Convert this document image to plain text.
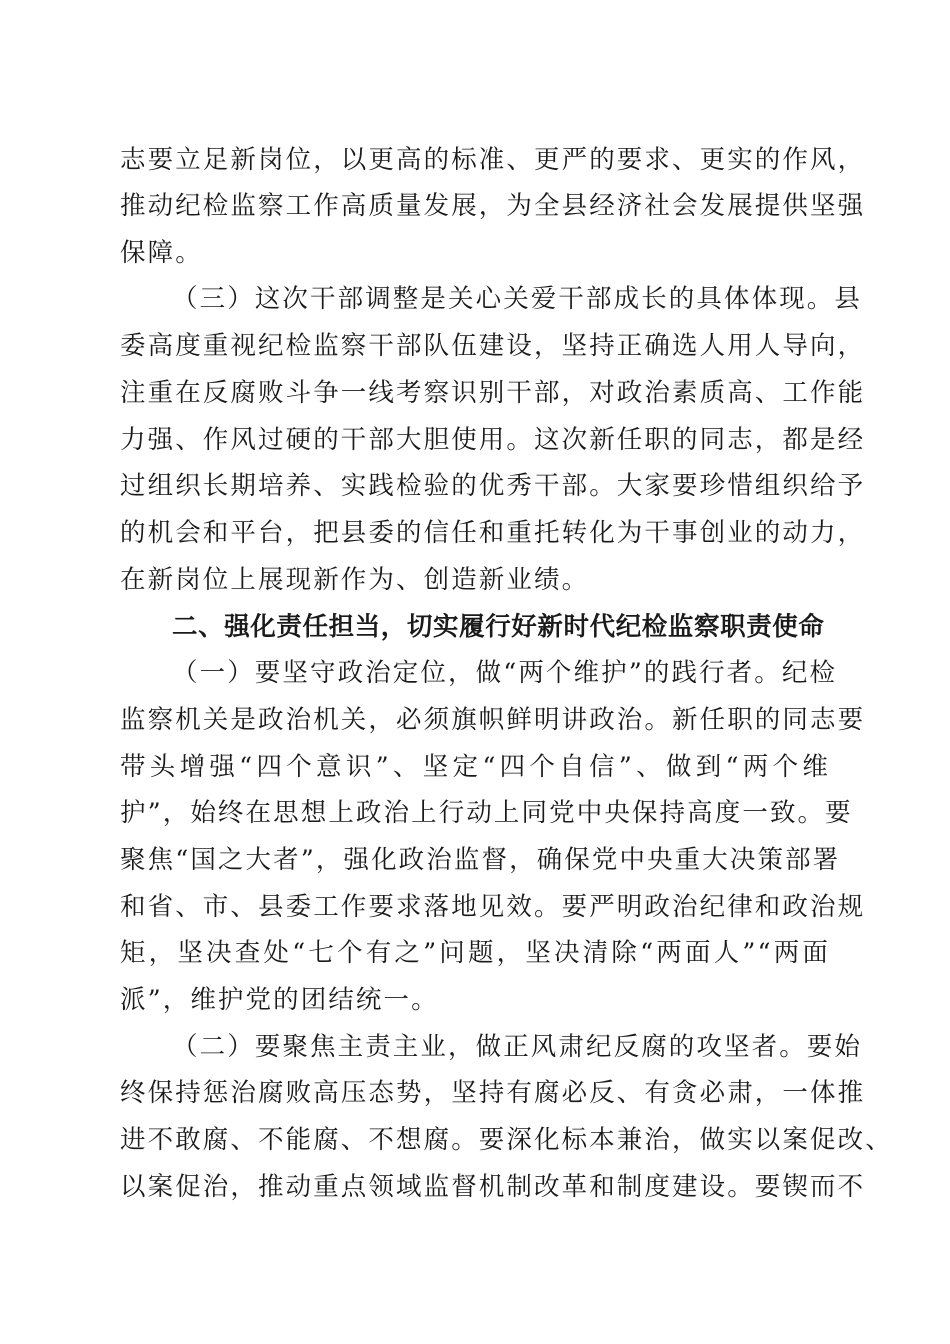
志要立足新岗位，以更高的标准、更严的要求、更实的作风，
推动纪检监察工作高质量发展，为全县经济社会发展提供坚强
保障。
（三）这次干部调整是关心关爱干部成长的具体体现。县
委高度重视纪检监察干部队伍建设，坚持正确选人用人导向，
注重在反腐败斗争一线考察识别干部，对政治素质高、工作能
力强、作风过硬的干部大胆使用。这次新任职的同志，都是经
过组织长期培养、实践检验的优秀干部。大家要珍惜组织给予
的机会和平台，把县委的信任和重托转化为干事创业的动力，
在新岗位上展现新作为、创造新业绩。
二、强化责任担当，切实履行好新时代纪检监察职责使命
（一）要坚守政治定位，做“两个维护”的践行者。纪检
监察机关是政治机关，必须旗帜鲜明讲政治。新任职的同志要
带头增强“四个意识”、坚定“四个自信”、做到“两个维
护”，始终在思想上政治上行动上同党中央保持高度一致。要
聚焦“国之大者”，强化政治监督，确保党中央重大决策部署
和省、市、县委工作要求落地见效。要严明政治纪律和政治规
矩，坚决查处“七个有之”问题，坚决清除“两面人”“两面
派”，维护党的团结统一。
（二）要聚焦主责主业，做正风肃纪反腐的攻坚者。要始
终保持惩治腐败高压态势，坚持有腐必反、有贪必肃，一体推
进不敢腐、不能腐、不想腐。要深化标本兼治，做实以案促改、
以案促治，推动重点领域监督机制改革和制度建设。要锲而不
